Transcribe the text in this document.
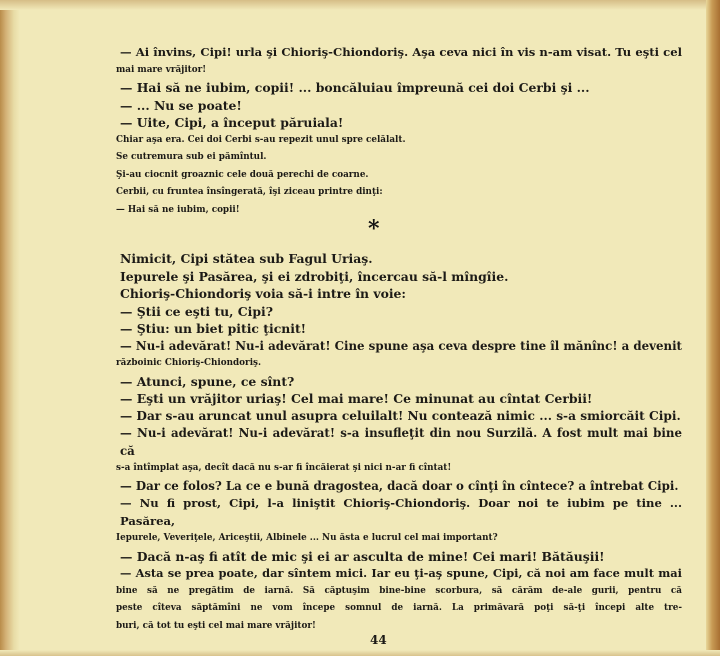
— Ai învins, Cipi! urla şi Chioriş-Chiondoriş. Aşa ceva nici în vis n-am visat. Tu eşti cel
mai mare vrăjitor!
— Hai să ne iubim, copii! ... boncăluiau împreună cei doi Cerbi şi ...
— ... Nu se poate!
— Uite, Cipi, a început păruiala!
Chiar aşa era. Cei doi Cerbi s-au repezit unul spre celălalt.
Se cutremura sub ei pămîntul.
Şi-au ciocnit groaznic cele două perechi de coarne.
Cerbii, cu fruntea însîngerată, îşi ziceau printre dinţi:
— Hai să ne iubim, copii!
*
Nimicit, Cipi stătea sub Fagul Uriaş.
Iepurele şi Pasărea, şi ei zdrobiţi, încercau să-l mîngîie.
Chioriş-Chiondoriş voia să-i intre în voie:
— Ştii ce eşti tu, Cipi?
— Ştiu: un biet pitic ţicnit!
— Nu-i adevărat! Nu-i adevărat! Cine spune aşa ceva despre tine îl mănînc! a devenit
războinic Chioriş-Chiondoriş.
— Atunci, spune, ce sînt?
— Eşti un vrăjitor uriaş! Cel mai mare! Ce minunat au cîntat Cerbii!
— Dar s-au aruncat unul asupra celuilalt! Nu contează nimic ... s-a smiorcăit Cipi.
— Nu-i adevărat! Nu-i adevărat! s-a insufleţit din nou Surzilă. A fost mult mai bine că
s-a întîmplat aşa, decît dacă nu s-ar fi încăierat şi nici n-ar fi cîntat!
— Dar ce folos? La ce e bună dragostea, dacă doar o cînţi în cîntece? a întrebat Cipi.
— Nu fi prost, Cipi, l-a liniştit Chioriş-Chiondoriş. Doar noi te iubim pe tine ... Pasărea,
Iepurele, Veveriţele, Ariceştii, Albinele ... Nu ăsta e lucrul cel mai important?
— Dacă n-aş fi atît de mic şi ei ar asculta de mine! Cei mari! Bătăuşii!
— Asta se prea poate, dar sîntem mici. Iar eu ţi-aş spune, Cipi, că noi am face mult mai
bine să ne pregătim de iarnă. Să căptuşim bine-bine scorbura, să cărăm de-ale gurii, pentru că
peste cîteva săptămîni ne vom începe somnul de iarnă. La primăvară poţi să-ţi începi alte tre-
buri, că tot tu eşti cel mai mare vrăjitor!
44
